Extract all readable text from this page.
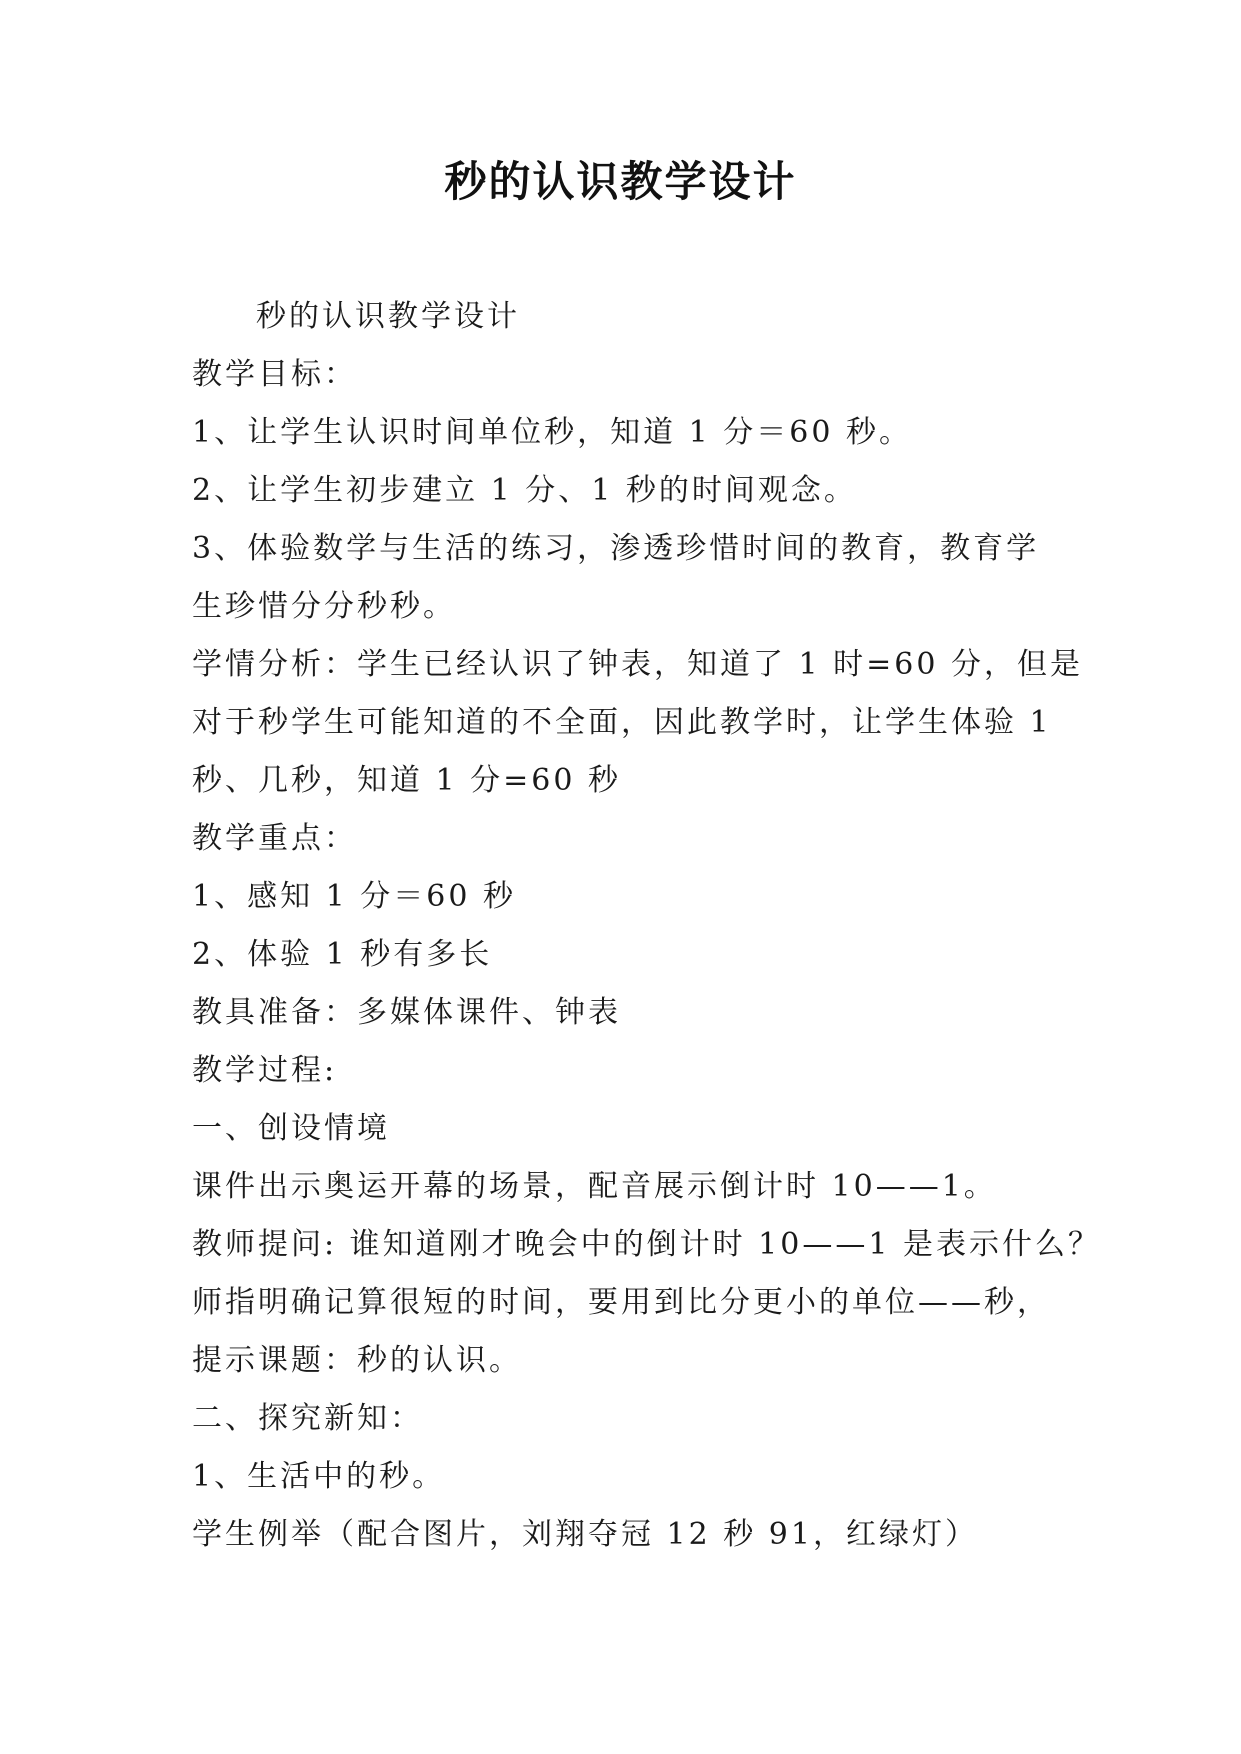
秒的认识教学设计

秒的认识教学设计

教学目标：

1、让学生认识时间单位秒，知道 1 分＝60 秒。

2、让学生初步建立 1 分、1 秒的时间观念。

3、体验数学与生活的练习，渗透珍惜时间的教育，教育学

生珍惜分分秒秒。

学情分析：学生已经认识了钟表，知道了 1 时=60 分，但是

对于秒学生可能知道的不全面，因此教学时，让学生体验 1

秒、几秒，知道 1 分=60 秒

教学重点：

1、感知 1 分＝60 秒

2、体验 1 秒有多长

教具准备：多媒体课件、钟表

教学过程:

一、创设情境

课件出示奥运开幕的场景，配音展示倒计时 10——1。

教师提问: 谁知道刚才晚会中的倒计时 10——1 是表示什么？

师指明确记算很短的时间，要用到比分更小的单位——秒，

提示课题：秒的认识。

二、探究新知：

1、生活中的秒。

学生例举（配合图片，刘翔夺冠 12 秒 91，红绿灯）
